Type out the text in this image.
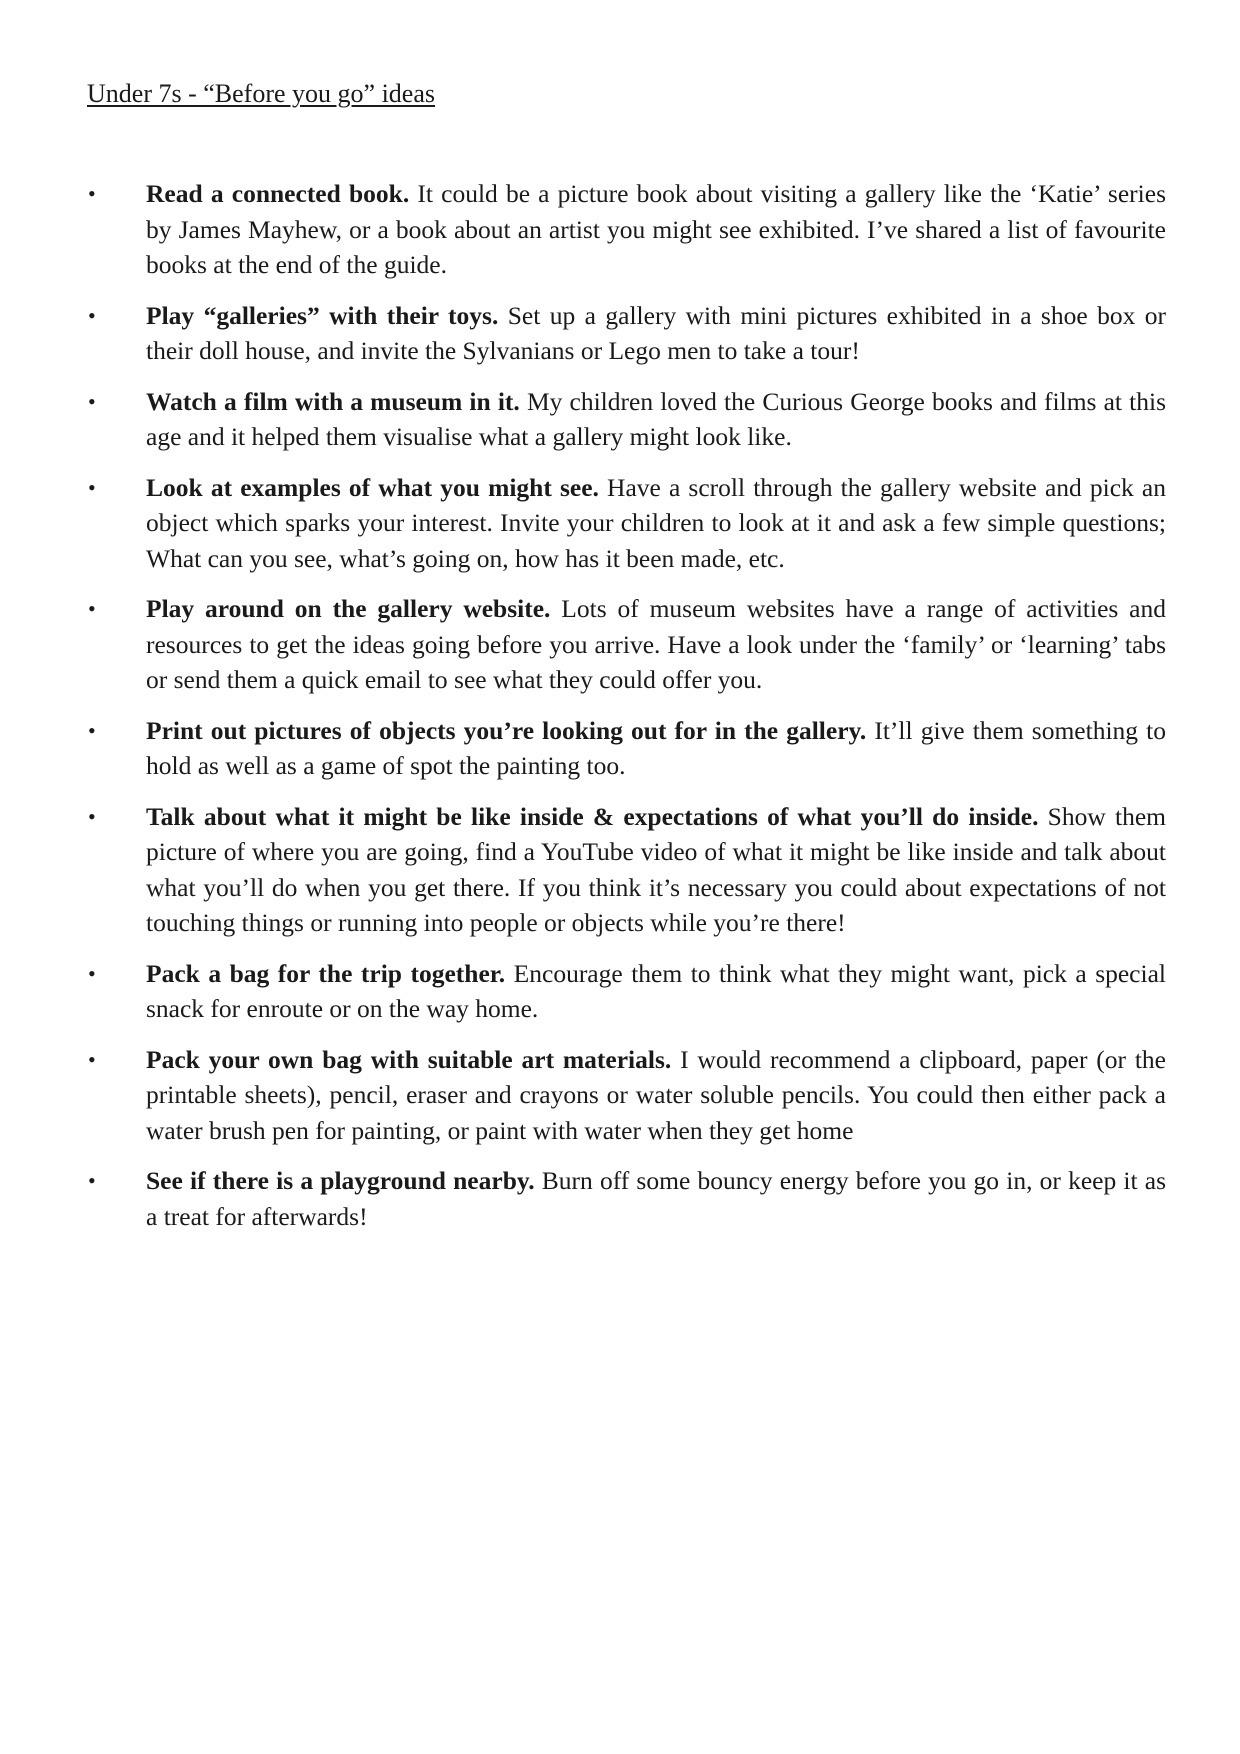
Under 7s - “Before you go” ideas
• Read a connected book. It could be a picture book about visiting a gallery like the ‘Katie’ series by James Mayhew, or a book about an artist you might see exhibited. I’ve shared a list of favourite books at the end of the guide.
• Play “galleries” with their toys. Set up a gallery with mini pictures exhibited in a shoe box or their doll house, and invite the Sylvanians or Lego men to take a tour!
• Watch a film with a museum in it. My children loved the Curious George books and films at this age and it helped them visualise what a gallery might look like.
• Look at examples of what you might see. Have a scroll through the gallery website and pick an object which sparks your interest. Invite your children to look at it and ask a few simple questions; What can you see, what’s going on, how has it been made, etc.
• Play around on the gallery website. Lots of museum websites have a range of activities and resources to get the ideas going before you arrive. Have a look under the ‘family’ or ‘learning’ tabs or send them a quick email to see what they could offer you.
• Print out pictures of objects you’re looking out for in the gallery. It’ll give them something to hold as well as a game of spot the painting too.
• Talk about what it might be like inside & expectations of what you’ll do inside. Show them picture of where you are going, find a YouTube video of what it might be like inside and talk about what you’ll do when you get there. If you think it’s necessary you could about expectations of not touching things or running into people or objects while you’re there!
• Pack a bag for the trip together. Encourage them to think what they might want, pick a special snack for enroute or on the way home.
• Pack your own bag with suitable art materials. I would recommend a clipboard, paper (or the printable sheets), pencil, eraser and crayons or water soluble pencils. You could then either pack a water brush pen for painting, or paint with water when they get home
• See if there is a playground nearby. Burn off some bouncy energy before you go in, or keep it as a treat for afterwards!
